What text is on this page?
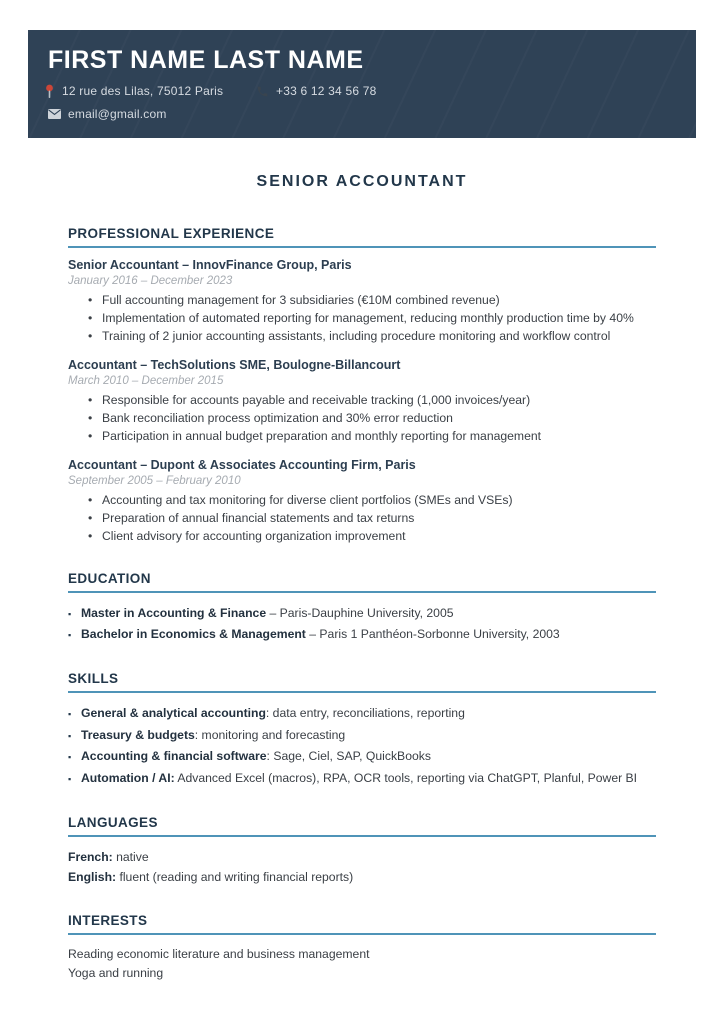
FIRST NAME LAST NAME
12 rue des Lilas, 75012 Paris	+33 6 12 34 56 78
email@gmail.com
SENIOR ACCOUNTANT
PROFESSIONAL EXPERIENCE
Senior Accountant – InnovFinance Group, Paris
January 2016 – December 2023
• Full accounting management for 3 subsidiaries (€10M combined revenue)
• Implementation of automated reporting for management, reducing monthly production time by 40%
• Training of 2 junior accounting assistants, including procedure monitoring and workflow control
Accountant – TechSolutions SME, Boulogne-Billancourt
March 2010 – December 2015
• Responsible for accounts payable and receivable tracking (1,000 invoices/year)
• Bank reconciliation process optimization and 30% error reduction
• Participation in annual budget preparation and monthly reporting for management
Accountant – Dupont & Associates Accounting Firm, Paris
September 2005 – February 2010
• Accounting and tax monitoring for diverse client portfolios (SMEs and VSEs)
• Preparation of annual financial statements and tax returns
• Client advisory for accounting organization improvement
EDUCATION
▪ Master in Accounting & Finance – Paris-Dauphine University, 2005
▪ Bachelor in Economics & Management – Paris 1 Panthéon-Sorbonne University, 2003
SKILLS
▪ General & analytical accounting: data entry, reconciliations, reporting
▪ Treasury & budgets: monitoring and forecasting
▪ Accounting & financial software: Sage, Ciel, SAP, QuickBooks
▪ Automation / AI: Advanced Excel (macros), RPA, OCR tools, reporting via ChatGPT, Planful, Power BI
LANGUAGES
French: native
English: fluent (reading and writing financial reports)
INTERESTS
Reading economic literature and business management
Yoga and running
